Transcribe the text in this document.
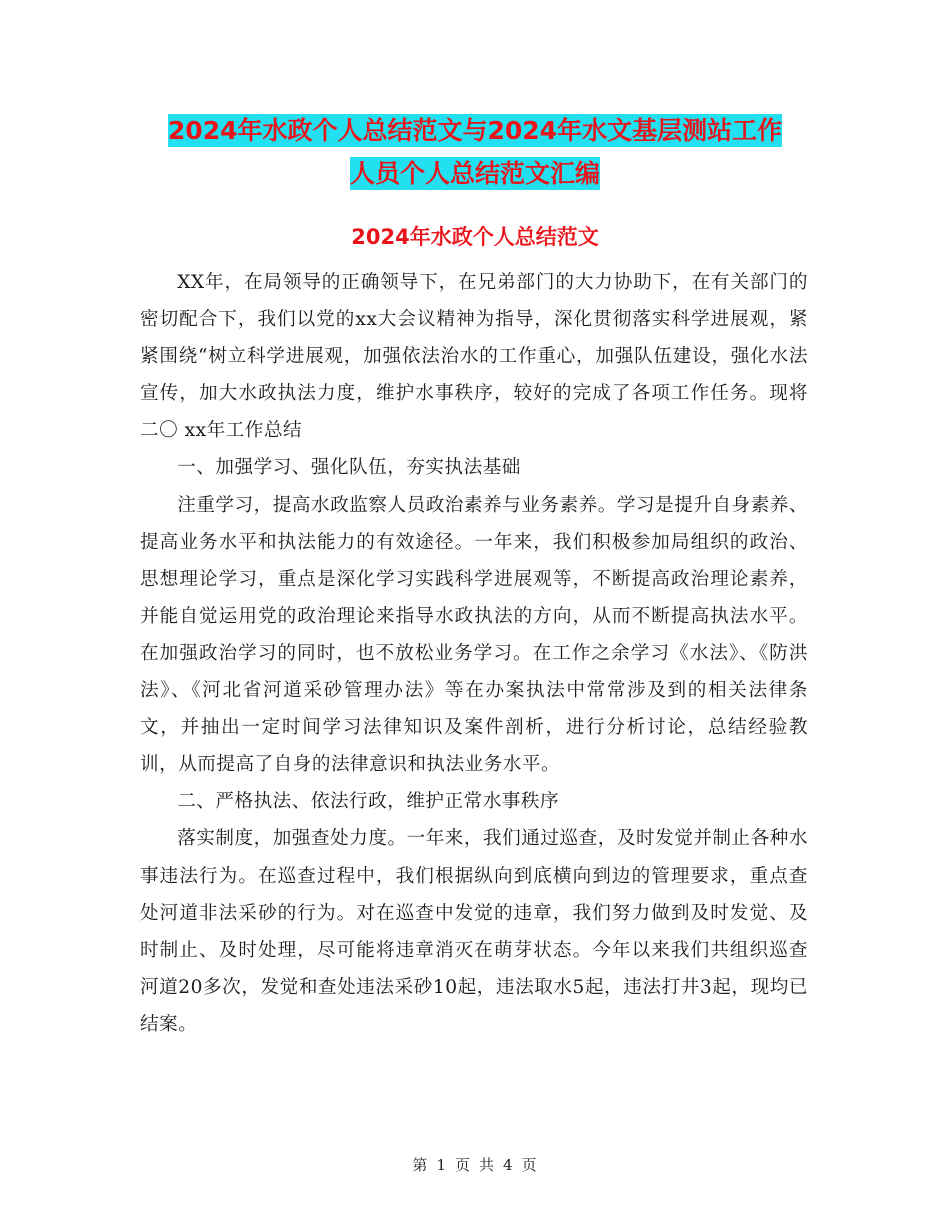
2024年水政个人总结范文与2024年水文基层测站工作
人员个人总结范文汇编
2024年水政个人总结范文

XX年，在局领导的正确领导下，在兄弟部门的大力协助下，在有关部门的密切配合下，我们以党的xx大会议精神为指导，深化贯彻落实科学进展观，紧紧围绕“树立科学进展观，加强依法治水的工作重心，加强队伍建设，强化水法宣传，加大水政执法力度，维护水事秩序，较好的完成了各项工作任务。现将二〇 xx年工作总结

一、加强学习、强化队伍，夯实执法基础

注重学习，提高水政监察人员政治素养与业务素养。学习是提升自身素养、提高业务水平和执法能力的有效途径。一年来，我们积极参加局组织的政治、思想理论学习，重点是深化学习实践科学进展观等，不断提高政治理论素养，并能自觉运用党的政治理论来指导水政执法的方向，从而不断提高执法水平。在加强政治学习的同时，也不放松业务学习。在工作之余学习《水法》、《防洪法》、《河北省河道采砂管理办法》等在办案执法中常常涉及到的相关法律条文，并抽出一定时间学习法律知识及案件剖析，进行分析讨论，总结经验教训，从而提高了自身的法律意识和执法业务水平。

二、严格执法、依法行政，维护正常水事秩序

落实制度，加强查处力度。一年来，我们通过巡查，及时发觉并制止各种水事违法行为。在巡查过程中，我们根据纵向到底横向到边的管理要求，重点查处河道非法采砂的行为。对在巡查中发觉的违章，我们努力做到及时发觉、及时制止、及时处理，尽可能将违章消灭在萌芽状态。今年以来我们共组织巡查河道20多次，发觉和查处违法采砂10起，违法取水5起，违法打井3起，现均已结案。

第 1 页 共 4 页
